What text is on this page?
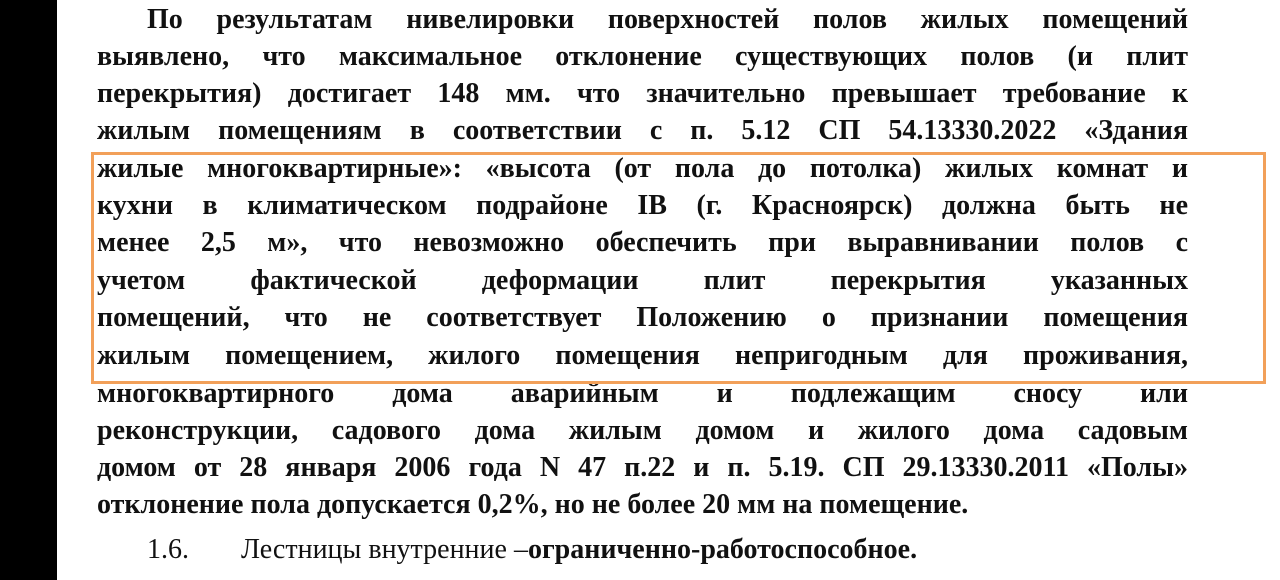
По результатам нивелировки поверхностей полов жилых помещений
выявлено, что максимальное отклонение существующих полов (и плит
перекрытия) достигает 148 мм. что значительно превышает требование к
жилым помещениям в соответствии с п. 5.12 СП 54.13330.2022 «Здания
жилые многоквартирные»: «высота (от пола до потолка) жилых комнат и
кухни в климатическом подрайоне IВ (г. Красноярск) должна быть не
менее 2,5 м», что невозможно обеспечить при выравнивании полов с
учетом фактической деформации плит перекрытия указанных
помещений, что не соответствует Положению о признании помещения
жилым помещением, жилого помещения непригодным для проживания,
многоквартирного дома аварийным и подлежащим сносу или
реконструкции, садового дома жилым домом и жилого дома садовым
домом от 28 января 2006 года N 47 п.22 и п. 5.19. СП 29.13330.2011 «Полы»
отклонение пола допускается 0,2%, но не более 20 мм на помещение.
1.6. Лестницы внутренние –ограниченно-работоспособное.
